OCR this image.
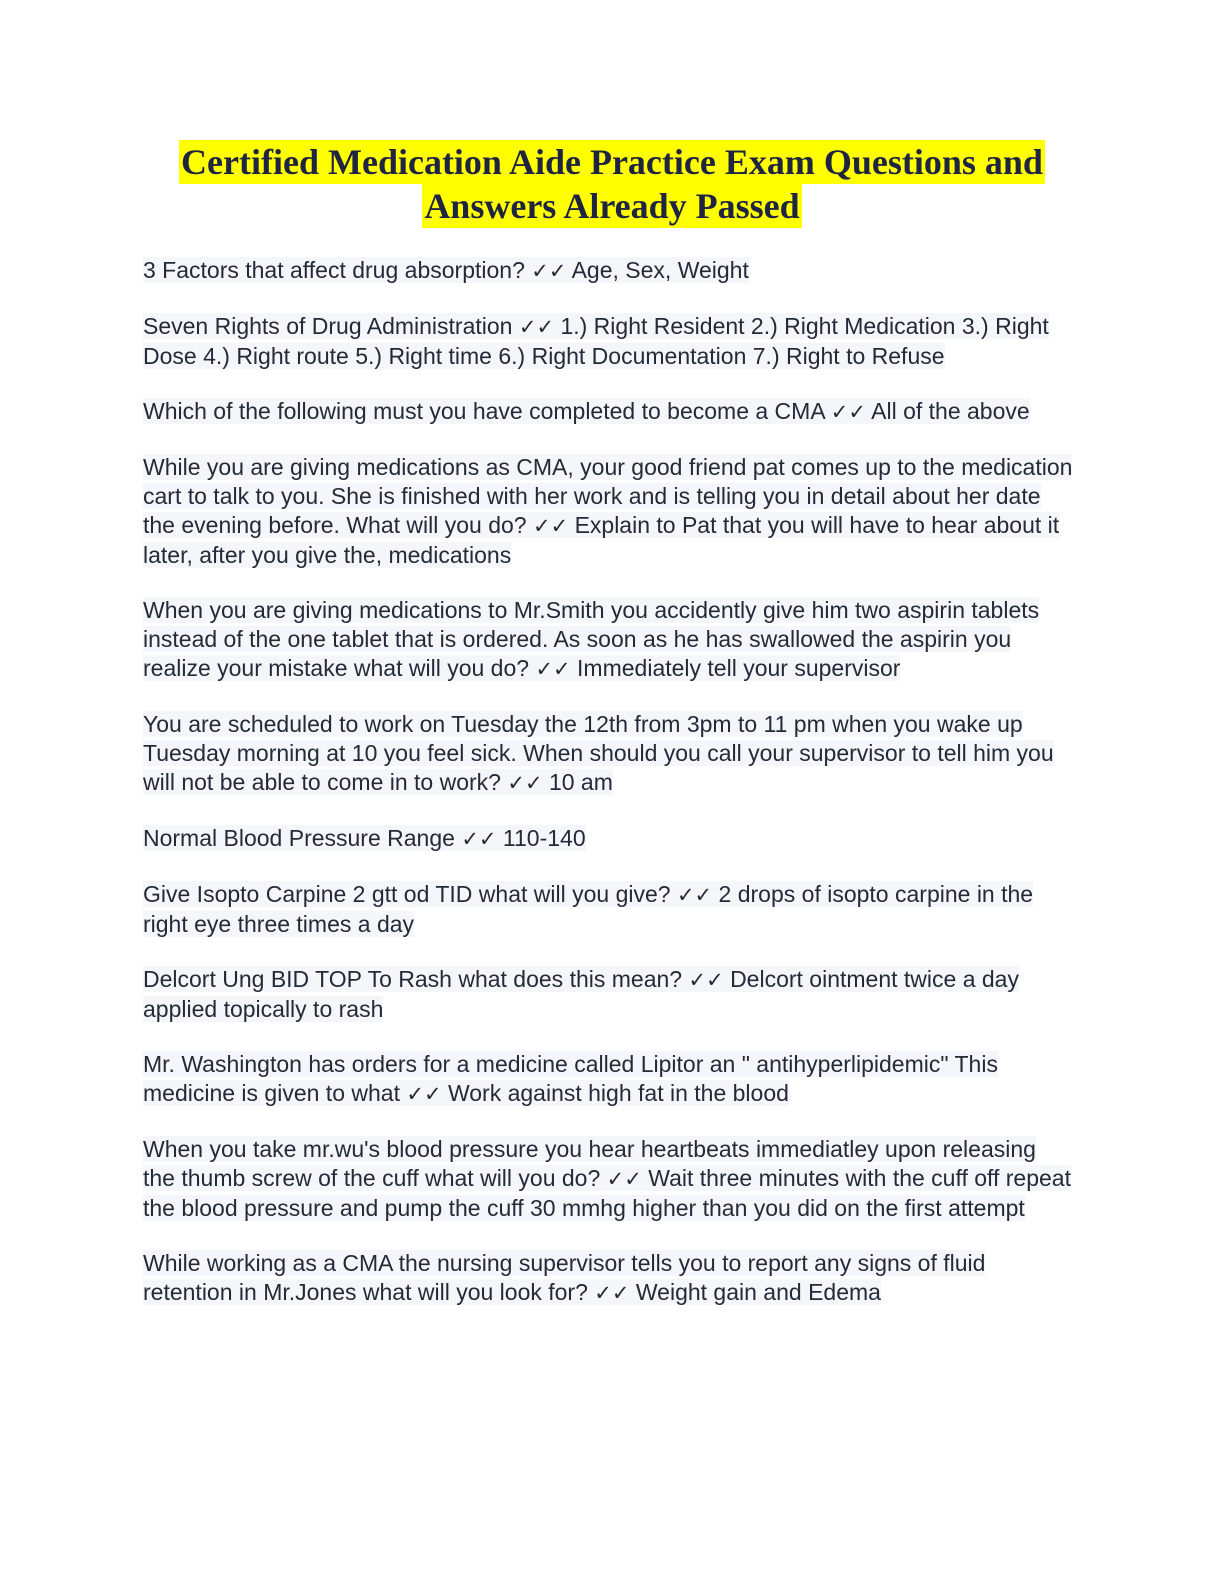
Certified Medication Aide Practice Exam Questions and
Answers Already Passed

3 Factors that affect drug absorption? ✓✓ Age, Sex, Weight

Seven Rights of Drug Administration ✓✓ 1.) Right Resident 2.) Right Medication 3.) Right Dose 4.) Right route 5.) Right time 6.) Right Documentation 7.) Right to Refuse

Which of the following must you have completed to become a CMA ✓✓ All of the above

While you are giving medications as CMA, your good friend pat comes up to the medication cart to talk to you. She is finished with her work and is telling you in detail about her date the evening before. What will you do? ✓✓ Explain to Pat that you will have to hear about it later, after you give the, medications

When you are giving medications to Mr.Smith you accidently give him two aspirin tablets instead of the one tablet that is ordered. As soon as he has swallowed the aspirin you realize your mistake what will you do? ✓✓ Immediately tell your supervisor

You are scheduled to work on Tuesday the 12th from 3pm to 11 pm when you wake up Tuesday morning at 10 you feel sick. When should you call your supervisor to tell him you will not be able to come in to work? ✓✓ 10 am

Normal Blood Pressure Range ✓✓ 110-140

Give Isopto Carpine 2 gtt od TID what will you give? ✓✓ 2 drops of isopto carpine in the right eye three times a day

Delcort Ung BID TOP To Rash what does this mean? ✓✓ Delcort ointment twice a day applied topically to rash

Mr. Washington has orders for a medicine called Lipitor an " antihyperlipidemic" This medicine is given to what ✓✓ Work against high fat in the blood

When you take mr.wu's blood pressure you hear heartbeats immediatley upon releasing the thumb screw of the cuff what will you do? ✓✓ Wait three minutes with the cuff off repeat the blood pressure and pump the cuff 30 mmhg higher than you did on the first attempt

While working as a CMA the nursing supervisor tells you to report any signs of fluid retention in Mr.Jones what will you look for? ✓✓ Weight gain and Edema
